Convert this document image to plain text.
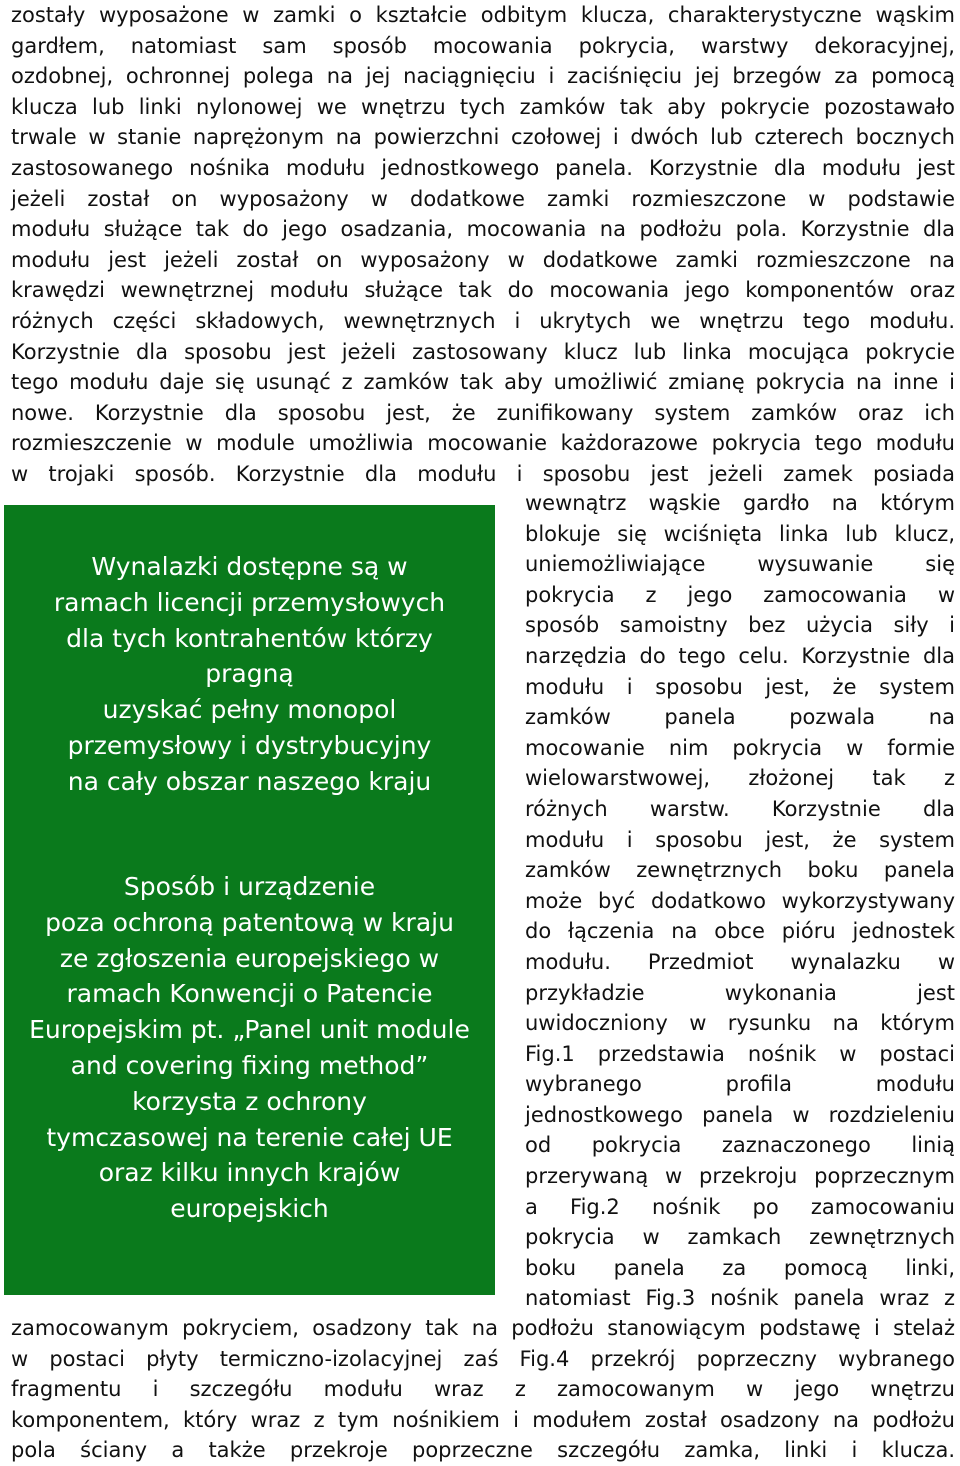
zostały wyposażone w zamki o kształcie odbitym klucza, charakterystyczne wąskim
gardłem, natomiast sam sposób mocowania pokrycia, warstwy dekoracyjnej,
ozdobnej, ochronnej polega na jej naciągnięciu i zaciśnięciu jej brzegów za pomocą
klucza lub linki nylonowej we wnętrzu tych zamków tak aby pokrycie pozostawało
trwale w stanie naprężonym na powierzchni czołowej i dwóch lub czterech bocznych
zastosowanego nośnika modułu jednostkowego panela. Korzystnie dla modułu jest
jeżeli został on wyposażony w dodatkowe zamki rozmieszczone w podstawie
modułu służące tak do jego osadzania, mocowania na podłożu pola. Korzystnie dla
modułu jest jeżeli został on wyposażony w dodatkowe zamki rozmieszczone na
krawędzi wewnętrznej modułu służące tak do mocowania jego komponentów oraz
różnych części składowych, wewnętrznych i ukrytych we wnętrzu tego modułu.
Korzystnie dla sposobu jest jeżeli zastosowany klucz lub linka mocująca pokrycie
tego modułu daje się usunąć z zamków tak aby umożliwić zmianę pokrycia na inne i
nowe. Korzystnie dla sposobu jest, że zunifikowany system zamków oraz ich
rozmieszczenie w module umożliwia mocowanie każdorazowe pokrycia tego modułu
w trojaki sposób. Korzystnie dla modułu i sposobu jest jeżeli zamek posiada
Wynalazki dostępne są w
ramach licencji przemysłowych
dla tych kontrahentów którzy
pragną
uzyskać pełny monopol
przemysłowy i dystrybucyjny
na cały obszar naszego kraju
Sposób i urządzenie
poza ochroną patentową w kraju
ze zgłoszenia europejskiego w
ramach Konwencji o Patencie
Europejskim pt. „Panel unit module
and covering fixing method”
korzysta z ochrony
tymczasowej na terenie całej UE
oraz kilku innych krajów
europejskich
wewnątrz wąskie gardło na którym
blokuje się wciśnięta linka lub klucz,
uniemożliwiające wysuwanie się
pokrycia z jego zamocowania w
sposób samoistny bez użycia siły i
narzędzia do tego celu. Korzystnie dla
modułu i sposobu jest, że system
zamków panela pozwala na
mocowanie nim pokrycia w formie
wielowarstwowej, złożonej tak z
różnych warstw. Korzystnie dla
modułu i sposobu jest, że system
zamków zewnętrznych boku panela
może być dodatkowo wykorzystywany
do łączenia na obce pióru jednostek
modułu. Przedmiot wynalazku w
przykładzie wykonania jest
uwidoczniony w rysunku na którym
Fig.1 przedstawia nośnik w postaci
wybranego profila modułu
jednostkowego panela w rozdzieleniu
od pokrycia zaznaczonego linią
przerywaną w przekroju poprzecznym
a Fig.2 nośnik po zamocowaniu
pokrycia w zamkach zewnętrznych
boku panela za pomocą linki,
natomiast Fig.3 nośnik panela wraz z
zamocowanym pokryciem, osadzony tak na podłożu stanowiącym podstawę i stelaż
w postaci płyty termiczno-izolacyjnej zaś Fig.4 przekrój poprzeczny wybranego
fragmentu i szczegółu modułu wraz z zamocowanym w jego wnętrzu
komponentem, który wraz z tym nośnikiem i modułem został osadzony na podłożu
pola ściany a także przekroje poprzeczne szczegółu zamka, linki i klucza.
